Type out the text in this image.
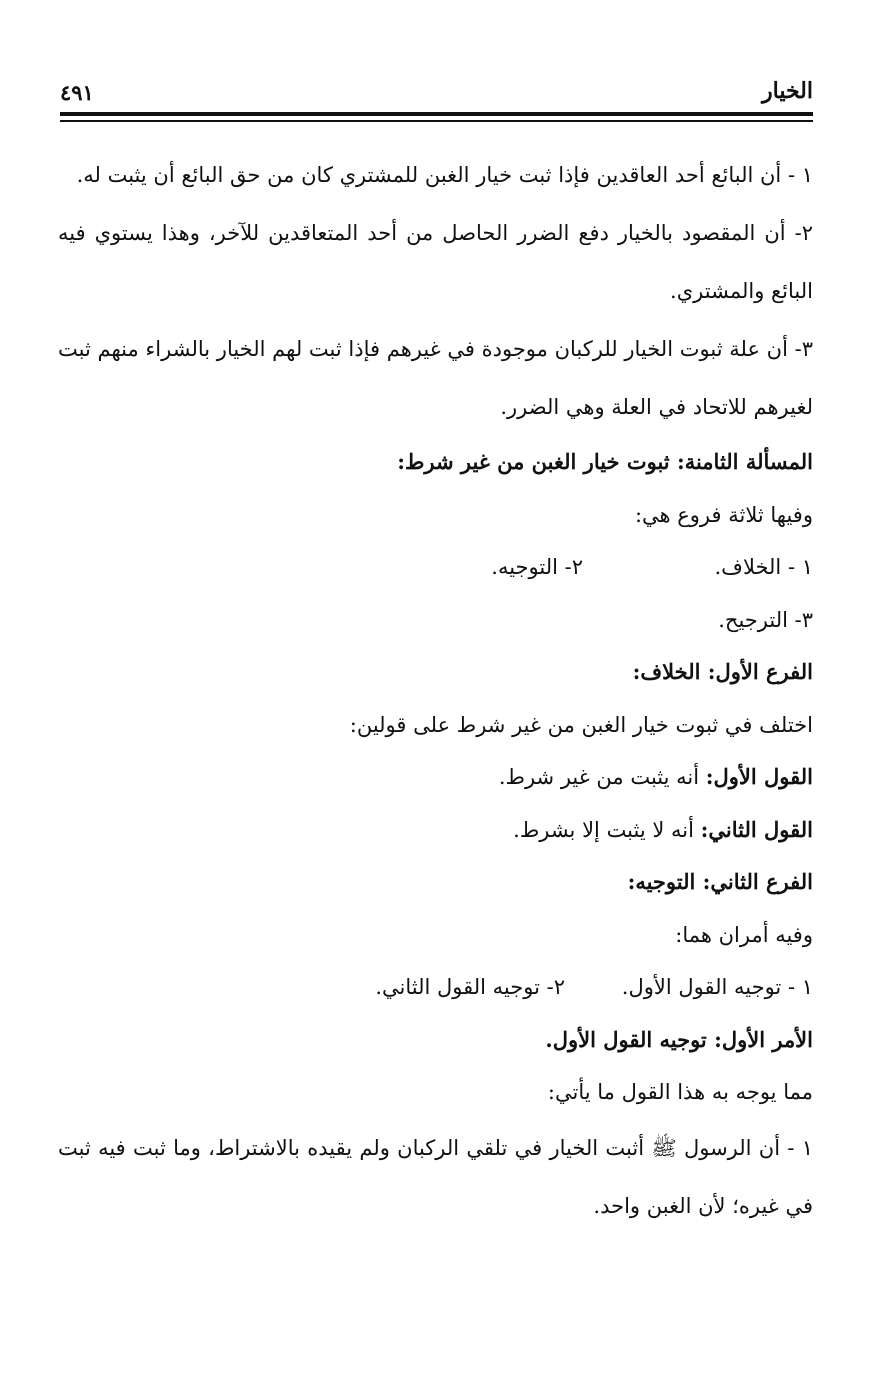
الخيار
٤٩١

١ - أن البائع أحد العاقدين فإذا ثبت خيار الغبن للمشتري كان من حق البائع أن يثبت له.

٢- أن المقصود بالخيار دفع الضرر الحاصل من أحد المتعاقدين للآخر، وهذا يستوي فيه البائع والمشتري.

٣- أن علة ثبوت الخيار للركبان موجودة في غيرهم فإذا ثبت لهم الخيار بالشراء منهم ثبت لغيرهم للاتحاد في العلة وهي الضرر.

المسألة الثامنة: ثبوت خيار الغبن من غير شرط:
وفيها ثلاثة فروع هي:
١ - الخلاف.
٢- التوجيه.
٣- الترجيح.
الفرع الأول: الخلاف:
اختلف في ثبوت خيار الغبن من غير شرط على قولين:
القول الأول: أنه يثبت من غير شرط.
القول الثاني: أنه لا يثبت إلا بشرط.
الفرع الثاني: التوجيه:
وفيه أمران هما:
١ - توجيه القول الأول.
٢- توجيه القول الثاني.
الأمر الأول: توجيه القول الأول.
مما يوجه به هذا القول ما يأتي:

١ - أن الرسول ﷺ أثبت الخيار في تلقي الركبان ولم يقيده بالاشتراط، وما ثبت فيه ثبت في غيره؛ لأن الغبن واحد.
